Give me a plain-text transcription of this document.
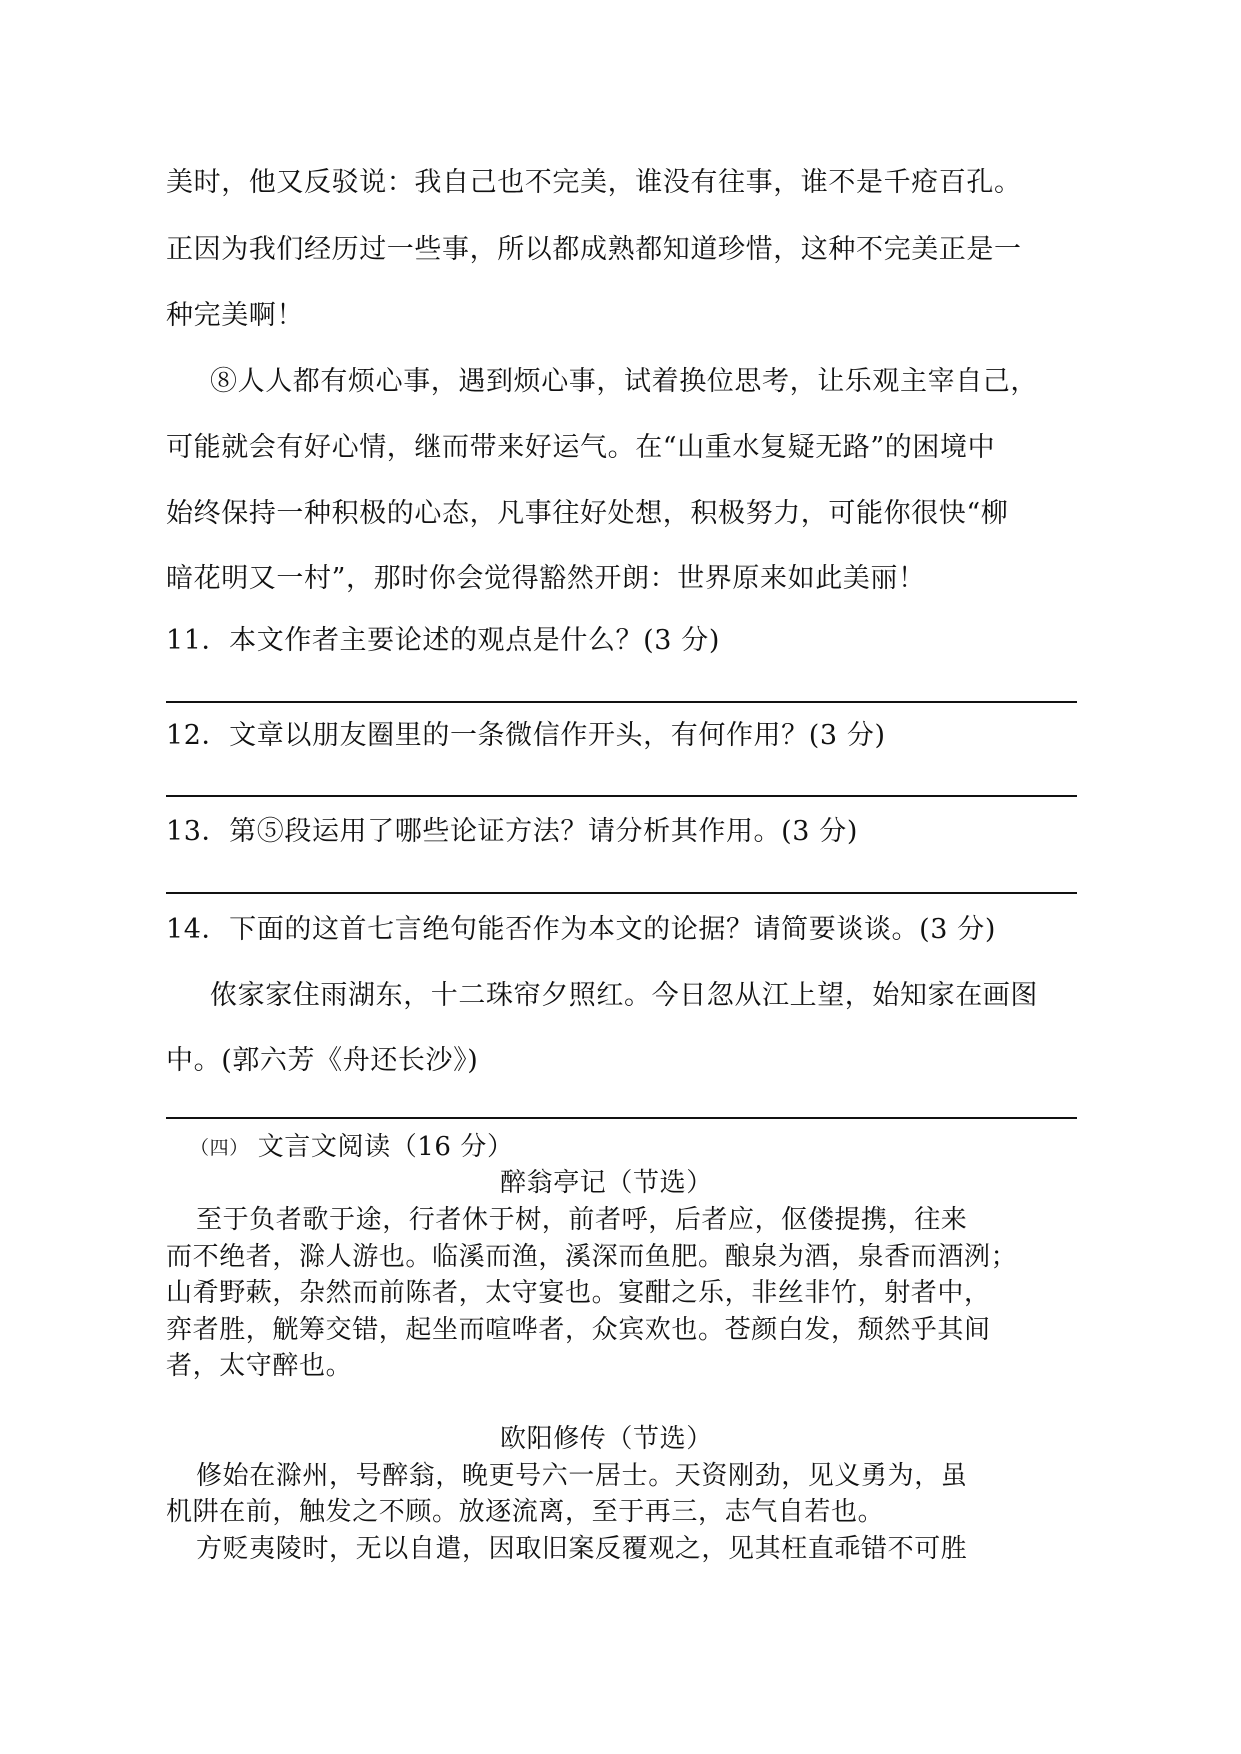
美时，他又反驳说：我自己也不完美，谁没有往事，谁不是千疮百孔。
正因为我们经历过一些事，所以都成熟都知道珍惜，这种不完美正是一
种完美啊！
⑧人人都有烦心事，遇到烦心事，试着换位思考，让乐观主宰自己，
可能就会有好心情，继而带来好运气。在“山重水复疑无路”的困境中
始终保持一种积极的心态，凡事往好处想，积极努力，可能你很快“柳
暗花明又一村”，那时你会觉得豁然开朗：世界原来如此美丽！
11．本文作者主要论述的观点是什么？(3 分)
12．文章以朋友圈里的一条微信作开头，有何作用？(3 分)
13．第⑤段运用了哪些论证方法？请分析其作用。(3 分)
14．下面的这首七言绝句能否作为本文的论据？请简要谈谈。(3 分)
侬家家住雨湖东，十二珠帘夕照红。今日忽从江上望，始知家在画图
中。(郭六芳《舟还长沙》)
（四） 文言文阅读（16 分）
醉翁亭记（节选）
至于负者歌于途，行者休于树，前者呼，后者应，伛偻提携，往来
而不绝者，滁人游也。临溪而渔，溪深而鱼肥。酿泉为酒，泉香而酒洌；
山肴野蔌，杂然而前陈者，太守宴也。宴酣之乐，非丝非竹，射者中，
弈者胜，觥筹交错，起坐而喧哗者，众宾欢也。苍颜白发，颓然乎其间
者，太守醉也。
欧阳修传（节选）
修始在滁州，号醉翁，晚更号六一居士。天资刚劲，见义勇为，虽
机阱在前，触发之不顾。放逐流离，至于再三，志气自若也。
方贬夷陵时，无以自遣，因取旧案反覆观之，见其枉直乖错不可胜
